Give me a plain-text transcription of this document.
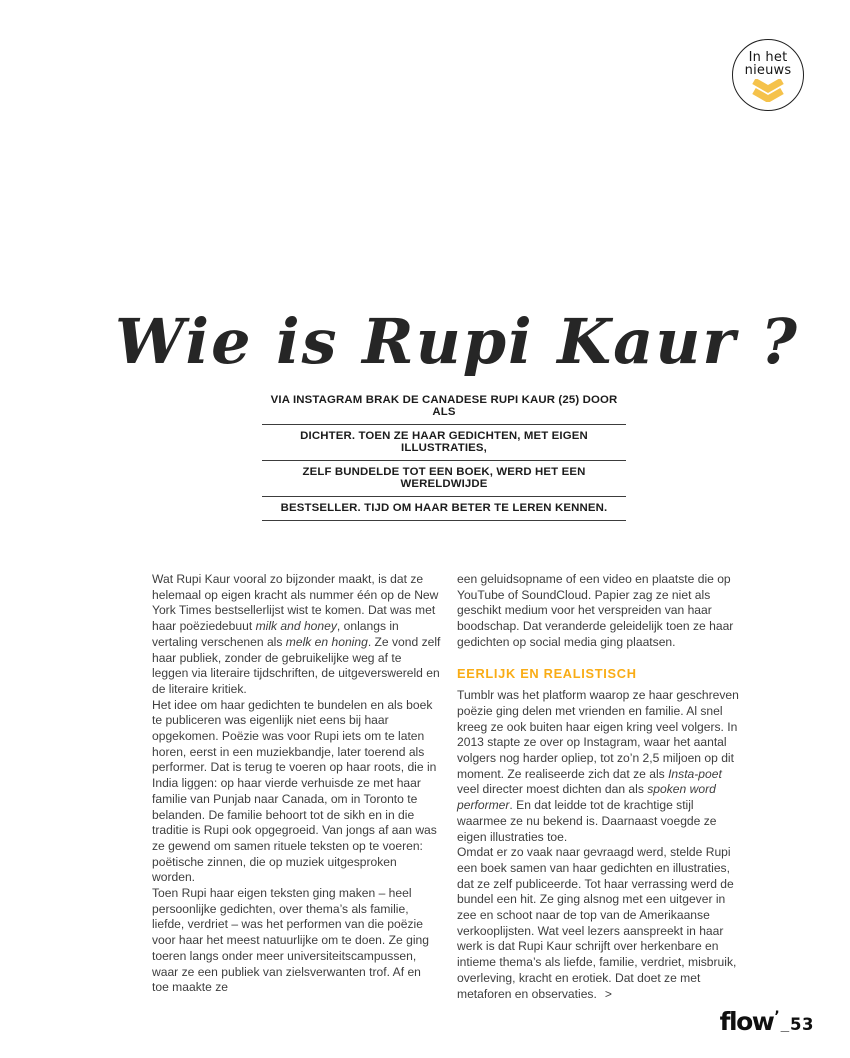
In het
nieuws
Wie is Rupi Kaur ?
VIA INSTAGRAM BRAK DE CANADESE RUPI KAUR (25) DOOR ALS
DICHTER. TOEN ZE HAAR GEDICHTEN, MET EIGEN ILLUSTRATIES,
ZELF BUNDELDE TOT EEN BOEK, WERD HET EEN WERELDWIJDE
BESTSELLER. TIJD OM HAAR BETER TE LEREN KENNEN.

Wat Rupi Kaur vooral zo bijzonder maakt, is dat ze helemaal op eigen kracht als nummer één op de New York Times bestsellerlijst wist te komen. Dat was met haar poëziedebuut milk and honey, onlangs in vertaling verschenen als melk en honing. Ze vond zelf haar publiek, zonder de gebruikelijke weg af te leggen via literaire tijdschriften, de uitgeverswereld en de literaire kritiek.

Het idee om haar gedichten te bundelen en als boek te publiceren was eigenlijk niet eens bij haar opgekomen. Poëzie was voor Rupi iets om te laten horen, eerst in een muziekbandje, later toerend als performer. Dat is terug te voeren op haar roots, die in India liggen: op haar vierde verhuisde ze met haar familie van Punjab naar Canada, om in Toronto te belanden. De familie behoort tot de sikh en in die traditie is Rupi ook opgegroeid. Van jongs af aan was ze gewend om samen rituele teksten op te voeren: poëtische zinnen, die op muziek uitgesproken worden.

Toen Rupi haar eigen teksten ging maken – heel persoonlijke gedichten, over thema’s als familie, liefde, verdriet – was het performen van die poëzie voor haar het meest natuurlijke om te doen. Ze ging toeren langs onder meer universiteitscampussen, waar ze een publiek van zielsverwanten trof. Af en toe maakte ze

een geluidsopname of een video en plaatste die op YouTube of SoundCloud. Papier zag ze niet als geschikt medium voor het verspreiden van haar boodschap. Dat veranderde geleidelijk toen ze haar gedichten op social media ging plaatsen.

EERLIJK EN REALISTISCH

Tumblr was het platform waarop ze haar geschreven poëzie ging delen met vrienden en familie. Al snel kreeg ze ook buiten haar eigen kring veel volgers. In 2013 stapte ze over op Instagram, waar het aantal volgers nog harder opliep, tot zo’n 2,5 miljoen op dit moment. Ze realiseerde zich dat ze als Insta-poet veel directer moest dichten dan als spoken word performer. En dat leidde tot de krachtige stijl waarmee ze nu bekend is. Daarnaast voegde ze eigen illustraties toe.

Omdat er zo vaak naar gevraagd werd, stelde Rupi een boek samen van haar gedichten en illustraties, dat ze zelf publiceerde. Tot haar verrassing werd de bundel een hit. Ze ging alsnog met een uitgever in zee en schoot naar de top van de Amerikaanse verkooplijsten. Wat veel lezers aanspreekt in haar werk is dat Rupi Kaur schrijft over herkenbare en intieme thema’s als liefde, familie, verdriet, misbruik, overleving, kracht en erotiek. Dat doet ze met metaforen en observaties. >

flow ’ _ 53
